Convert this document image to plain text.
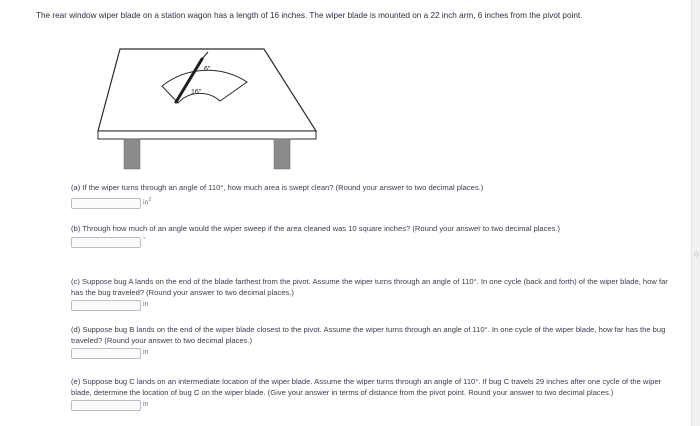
The rear window wiper blade on a station wagon has a length of 16 inches. The wiper blade is mounted on a 22 inch arm, 6 inches from the pivot point.
6"
16"
(a) If the wiper turns through an angle of 110°, how much area is swept clean? (Round your answer to two decimal places.)
$in^2$
(b) Through how much of an angle would the wiper sweep if the area cleaned was 10 square inches? (Round your answer to two decimal places.)
°
(c) Suppose bug A lands on the end of the blade farthest from the pivot. Assume the wiper turns through an angle of 110°. In one cycle (back and forth) of the wiper blade, how far has the bug traveled? (Round your answer to two decimal places.)
in
(d) Suppose bug B lands on the end of the wiper blade closest to the pivot. Assume the wiper turns through an angle of 110°. In one cycle of the wiper blade, how far has the bug traveled? (Round your answer to two decimal places.)
in
(e) Suppose bug C lands on an intermediate location of the wiper blade. Assume the wiper turns through an angle of 110°. If bug C travels 29 inches after one cycle of the wiper blade, determine the location of bug C on the wiper blade. (Give your answer in terms of distance from the pivot point. Round your answer to two decimal places.)
in
◇
